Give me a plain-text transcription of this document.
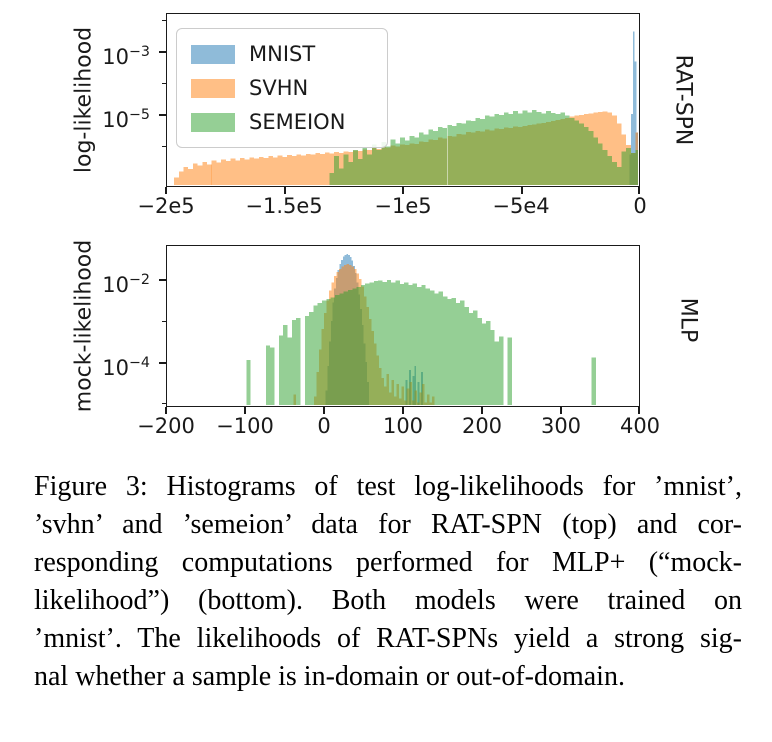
log-likelihood $10^{-3}$
$10^{-5}$
MNIST
SVHN
SEMEION
−2e5	−1.5e5	−1e5	−5e4	0
RAT-SPN
mock-likelihood $10^{-2}$
$10^{-4}$
−200	−100	0	100	200	300	400
MLP
Figure 3: Histograms of test log-likelihoods for ’mnist’,
’svhn’ and ’semeion’ data for RAT-SPN (top) and cor-
responding computations performed for MLP+ (“mock-
likelihood”) (bottom). Both models were trained on
’mnist’. The likelihoods of RAT-SPNs yield a strong sig-
nal whether a sample is in-domain or out-of-domain.
